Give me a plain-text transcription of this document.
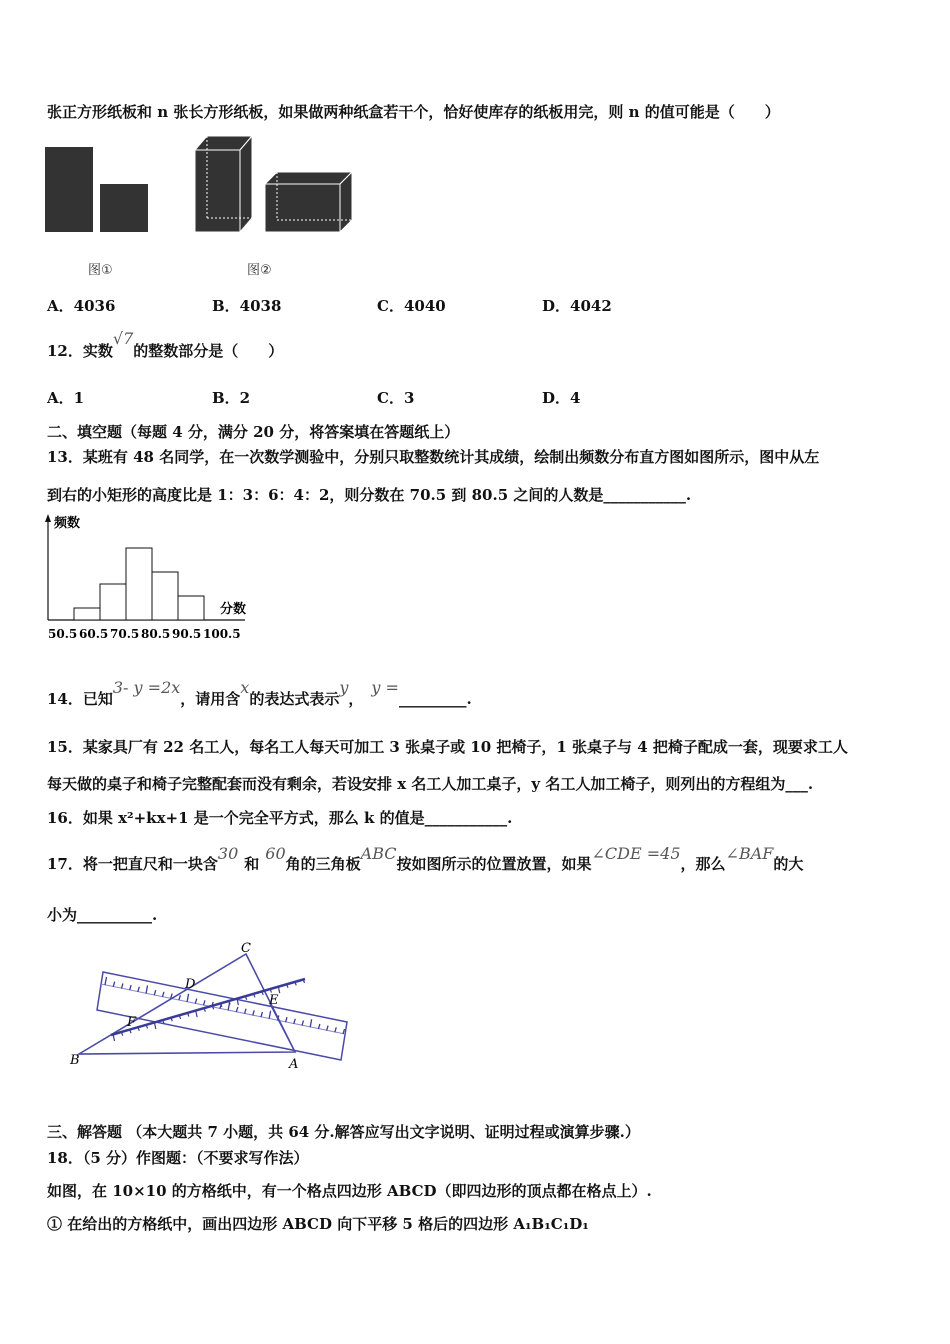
张正方形纸板和 n 张长方形纸板，如果做两种纸盒若干个，恰好使库存的纸板用完，则 n 的值可能是（　　）
图①	图②
A．4036	B．4038	C．4040	D．4042
12．实数√7的整数部分是（　　）
A．1	B．2	C．3	D．4
二、填空题（每题 4 分，满分 20 分，将答案填在答题纸上）
13．某班有 48 名同学，在一次数学测验中，分别只取整数统计其成绩，绘制出频数分布直方图如图所示，图中从左
到右的小矩形的高度比是 1：3：6：4：2，则分数在 70.5 到 80.5 之间的人数是___________.
频数
分数
50.5 60.5 70.5 80.5 90.5 100.5
14．已知3- y =2x，请用含x的表达式表示y，y =_________.
15．某家具厂有 22 名工人，每名工人每天可加工 3 张桌子或 10 把椅子，1 张桌子与 4 把椅子配成一套，现要求工人
每天做的桌子和椅子完整配套而没有剩余，若设安排 x 名工人加工桌子，y 名工人加工椅子，则列出的方程组为___.
16．如果 x²+kx+1 是一个完全平方式，那么 k 的值是___________.
17．将一把直尺和一块含30和60角的三角板ABC按如图所示的位置放置，如果∠CDE =45，那么∠BAF的大
小为__________.
C
D
E
F
B	A
三、解答题 （本大题共 7 小题，共 64 分.解答应写出文字说明、证明过程或演算步骤.）
18．（5 分）作图题：（不要求写作法）
如图，在 10×10 的方格纸中，有一个格点四边形 ABCD（即四边形的顶点都在格点上）.
① 在给出的方格纸中，画出四边形 ABCD 向下平移 5 格后的四边形 A₁B₁C₁D₁
